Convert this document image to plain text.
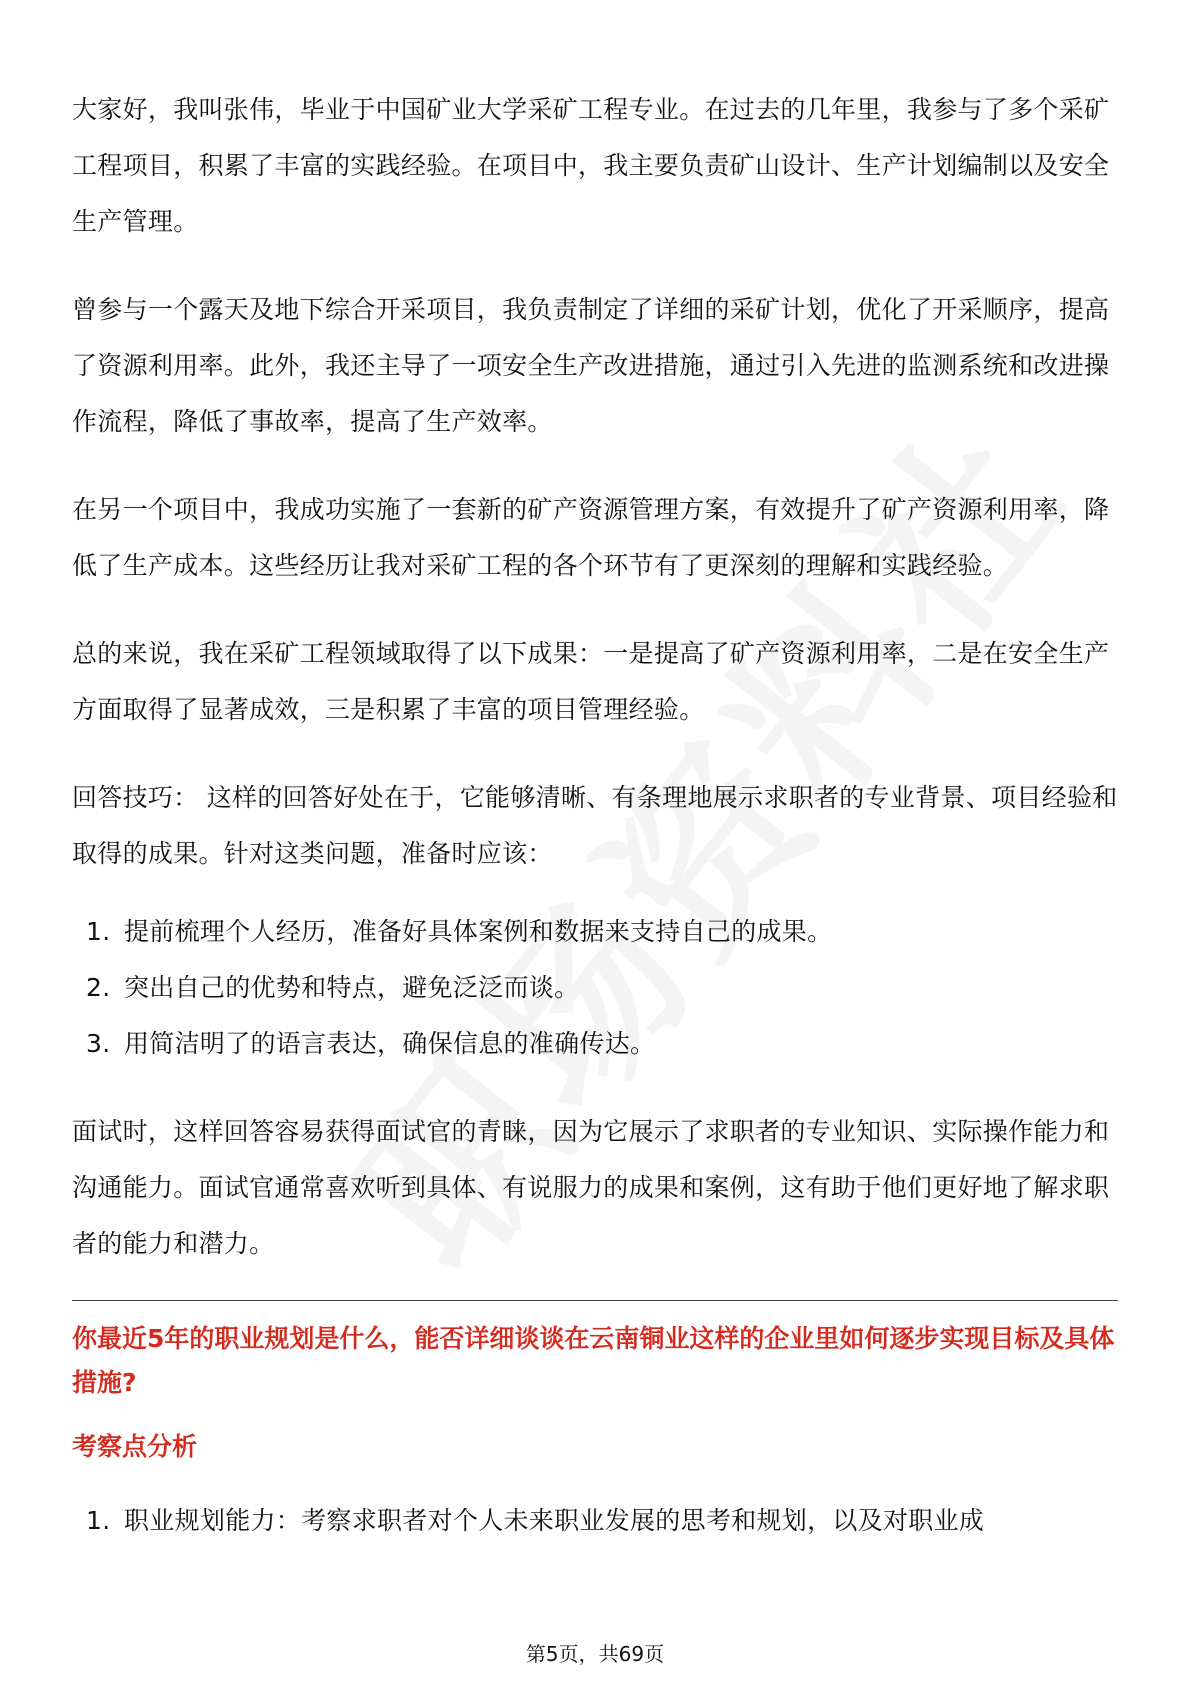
大家好，我叫张伟，毕业于中国矿业大学采矿工程专业。在过去的几年里，我参与了多个采矿工程项目，积累了丰富的实践经验。在项目中，我主要负责矿山设计、生产计划编制以及安全生产管理。

曾参与一个露天及地下综合开采项目，我负责制定了详细的采矿计划，优化了开采顺序，提高了资源利用率。此外，我还主导了一项安全生产改进措施，通过引入先进的监测系统和改进操作流程，降低了事故率，提高了生产效率。

在另一个项目中，我成功实施了一套新的矿产资源管理方案，有效提升了矿产资源利用率，降低了生产成本。这些经历让我对采矿工程的各个环节有了更深刻的理解和实践经验。

总的来说，我在采矿工程领域取得了以下成果：一是提高了矿产资源利用率，二是在安全生产方面取得了显著成效，三是积累了丰富的项目管理经验。

回答技巧： 这样的回答好处在于，它能够清晰、有条理地展示求职者的专业背景、项目经验和取得的成果。针对这类问题，准备时应该：

1. 提前梳理个人经历，准备好具体案例和数据来支持自己的成果。
2. 突出自己的优势和特点，避免泛泛而谈。
3. 用简洁明了的语言表达，确保信息的准确传达。

面试时，这样回答容易获得面试官的青睐，因为它展示了求职者的专业知识、实际操作能力和沟通能力。面试官通常喜欢听到具体、有说服力的成果和案例，这有助于他们更好地了解求职者的能力和潜力。

你最近5年的职业规划是什么，能否详细谈谈在云南铜业这样的企业里如何逐步实现目标及具体措施?
考察点分析
1. 职业规划能力：考察求职者对个人未来职业发展的思考和规划，以及对职业成
第5页，共69页
